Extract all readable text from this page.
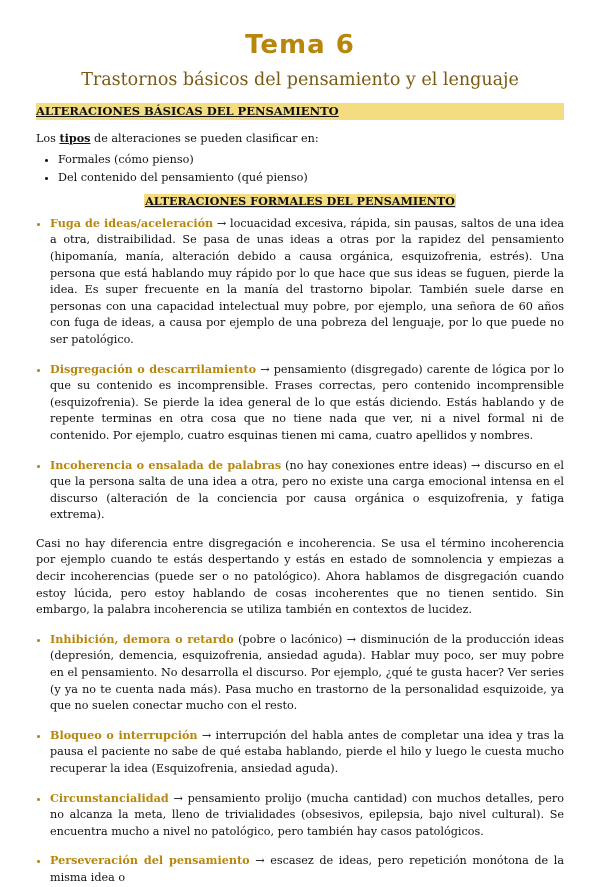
Tema 6
Trastornos básicos del pensamiento y el lenguaje
ALTERACIONES BÁSICAS DEL PENSAMIENTO

Los tipos de alteraciones se pueden clasificar en:

• Formales (cómo pienso)
• Del contenido del pensamiento (qué pienso)
ALTERACIONES FORMALES DEL PENSAMIENTO
• Fuga de ideas/aceleración → locuacidad excesiva, rápida, sin pausas, saltos de una idea a otra, distraibilidad. Se pasa de unas ideas a otras por la rapidez del pensamiento (hipomanía, manía, alteración debido a causa orgánica, esquizofrenia, estrés). Una persona que está hablando muy rápido por lo que hace que sus ideas se fuguen, pierde la idea. Es super frecuente en la manía del trastorno bipolar. También suele darse en personas con una capacidad intelectual muy pobre, por ejemplo, una señora de 60 años con fuga de ideas, a causa por ejemplo de una pobreza del lenguaje, por lo que puede no ser patológico.
• Disgregación o descarrilamiento → pensamiento (disgregado) carente de lógica por lo que su contenido es incomprensible. Frases correctas, pero contenido incomprensible (esquizofrenia). Se pierde la idea general de lo que estás diciendo. Estás hablando y de repente terminas en otra cosa que no tiene nada que ver, ni a nivel formal ni de contenido. Por ejemplo, cuatro esquinas tienen mi cama, cuatro apellidos y nombres.
• Incoherencia o ensalada de palabras (no hay conexiones entre ideas) → discurso en el que la persona salta de una idea a otra, pero no existe una carga emocional intensa en el discurso (alteración de la conciencia por causa orgánica o esquizofrenia, y fatiga extrema).

Casi no hay diferencia entre disgregación e incoherencia. Se usa el término incoherencia por ejemplo cuando te estás despertando y estás en estado de somnolencia y empiezas a decir incoherencias (puede ser o no patológico). Ahora hablamos de disgregación cuando estoy lúcida, pero estoy hablando de cosas incoherentes que no tienen sentido. Sin embargo, la palabra incoherencia se utiliza también en contextos de lucidez.

• Inhibición, demora o retardo (pobre o lacónico) → disminución de la producción ideas (depresión, demencia, esquizofrenia, ansiedad aguda). Hablar muy poco, ser muy pobre en el pensamiento. No desarrolla el discurso. Por ejemplo, ¿qué te gusta hacer? Ver series (y ya no te cuenta nada más). Pasa mucho en trastorno de la personalidad esquizoide, ya que no suelen conectar mucho con el resto.
• Bloqueo o interrupción → interrupción del habla antes de completar una idea y tras la pausa el paciente no sabe de qué estaba hablando, pierde el hilo y luego le cuesta mucho recuperar la idea (Esquizofrenia, ansiedad aguda).
• Circunstancialidad → pensamiento prolijo (mucha cantidad) con muchos detalles, pero no alcanza la meta, lleno de trivialidades (obsesivos, epilepsia, bajo nivel cultural). Se encuentra mucho a nivel no patológico, pero también hay casos patológicos.
• Perseveración del pensamiento → escasez de ideas, pero repetición monótona de la misma idea o
